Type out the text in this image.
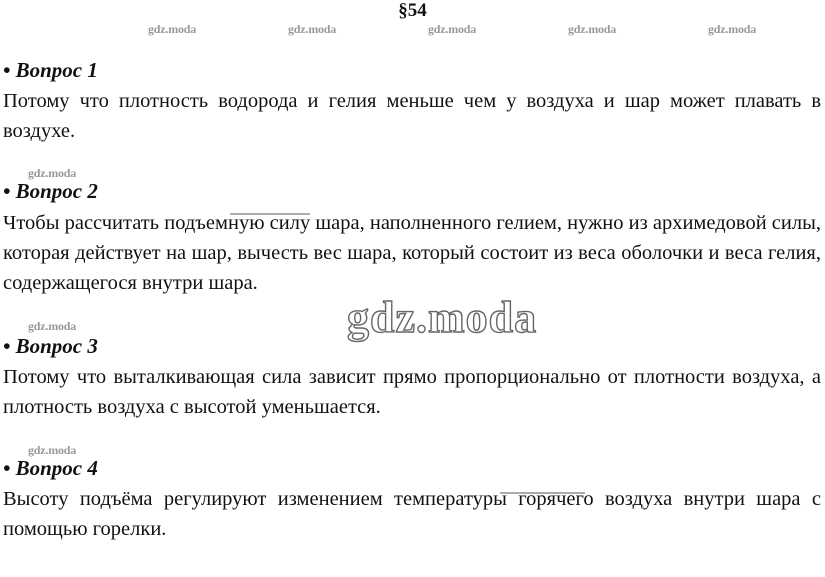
§54
gdz.moda	gdz.moda	gdz.moda	gdz.moda	gdz.moda
• Вопрос 1
Потому что плотность водорода и гелия меньше чем у воздуха и шар может плавать в воздухе.
gdz.moda
• Вопрос 2
Чтобы рассчитать подъемную силу шара, наполненного гелием, нужно из архимедовой силы, которая действует на шар, вычесть вес шара, который состоит из веса оболочки и веса гелия, содержащегося внутри шара.
gdz.moda
gdz.moda
• Вопрос 3
Потому что выталкивающая сила зависит прямо пропорционально от плотности воздуха, а плотность воздуха с высотой уменьшается.
gdz.moda
• Вопрос 4
Высоту подъёма регулируют изменением температуры горячего воздуха внутри шара с помощью горелки.
